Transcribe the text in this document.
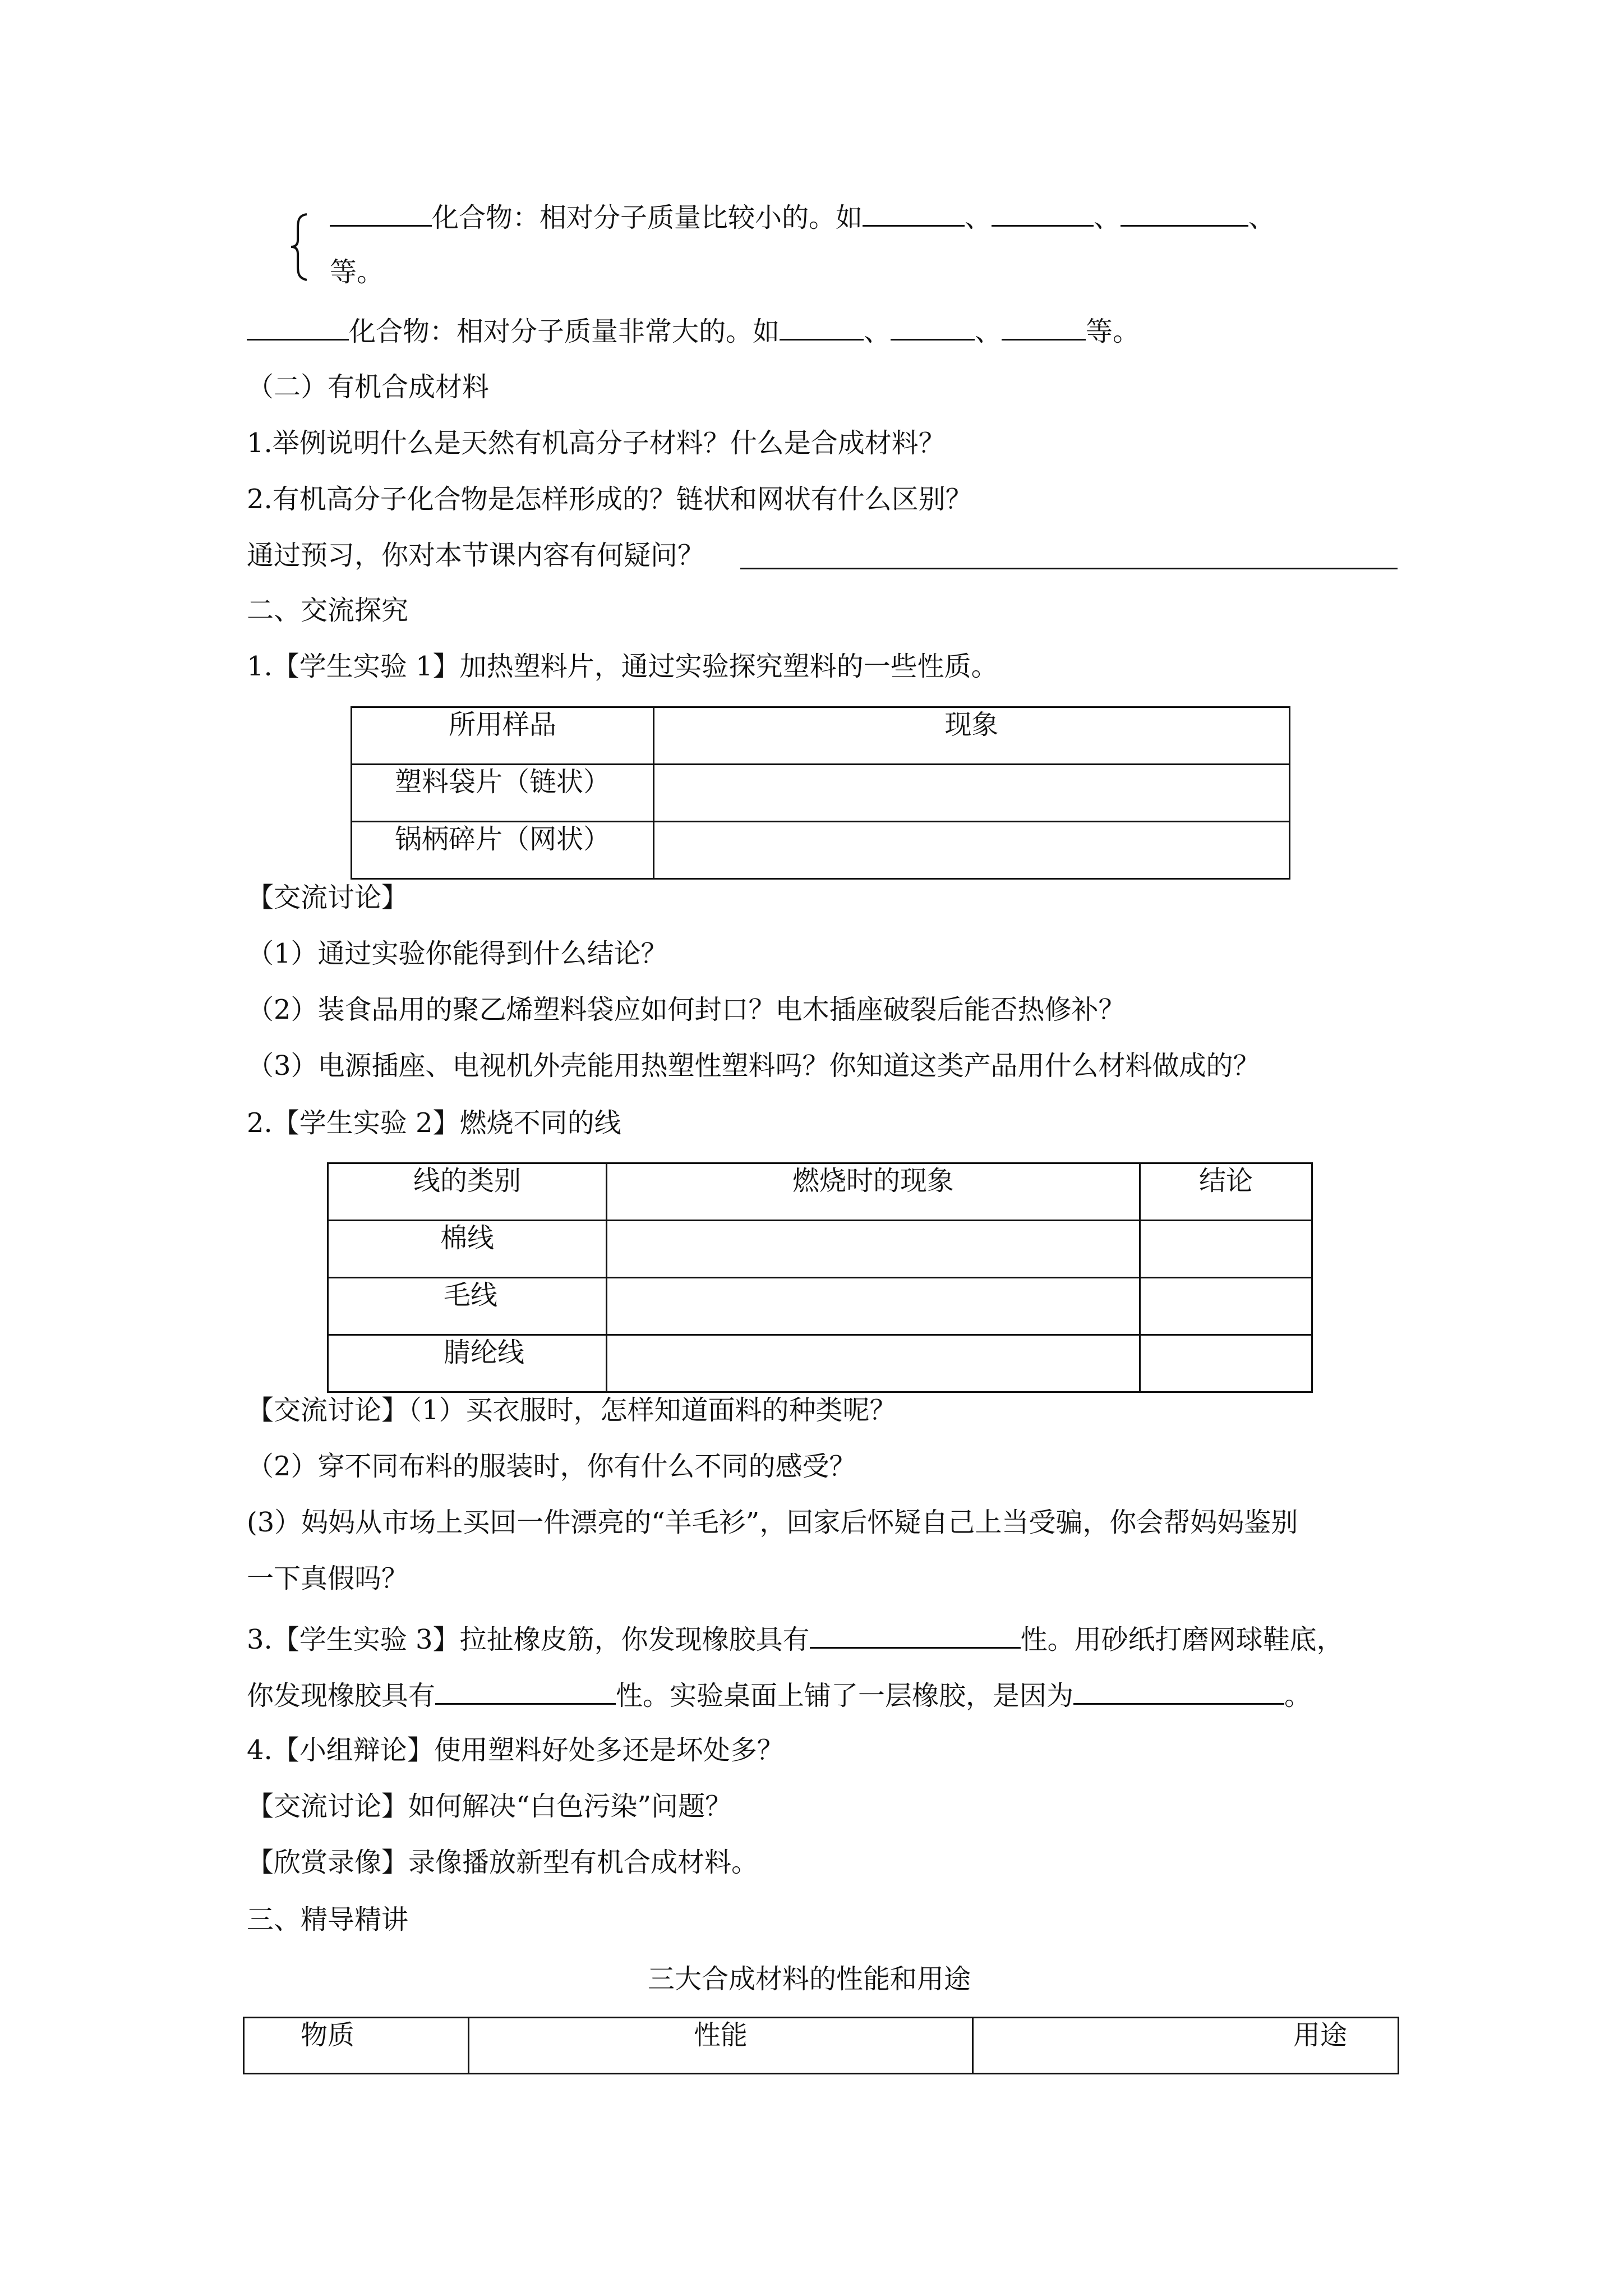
化合物：相对分子质量比较小的。如	、	、	、
等。
化合物：相对分子质量非常大的。如	、	、	等。
（二）有机合成材料
1.举例说明什么是天然有机高分子材料？什么是合成材料？
2.有机高分子化合物是怎样形成的？链状和网状有什么区别？
通过预习，你对本节课内容有何疑问？
二、交流探究
1.【学生实验 1】加热塑料片，通过实验探究塑料的一些性质。
所用样品	现象
塑料袋片（链状）	
锅柄碎片（网状）	
【交流讨论】
（1）通过实验你能得到什么结论？
（2）装食品用的聚乙烯塑料袋应如何封口？电木插座破裂后能否热修补？
（3）电源插座、电视机外壳能用热塑性塑料吗？你知道这类产品用什么材料做成的？
2.【学生实验 2】燃烧不同的线
线的类别	燃烧时的现象	结论
棉线		
毛线		
腈纶线		
【交流讨论】（1）买衣服时，怎样知道面料的种类呢？
（2）穿不同布料的服装时，你有什么不同的感受？
(3）妈妈从市场上买回一件漂亮的“羊毛衫”，回家后怀疑自己上当受骗，你会帮妈妈鉴别
一下真假吗？
3.【学生实验 3】拉扯橡皮筋，你发现橡胶具有	性。用砂纸打磨网球鞋底，
你发现橡胶具有	性。实验桌面上铺了一层橡胶，是因为	。
4.【小组辩论】使用塑料好处多还是坏处多？
【交流讨论】如何解决“白色污染”问题？
【欣赏录像】录像播放新型有机合成材料。
三、精导精讲
三大合成材料的性能和用途
物质	性能	用途
